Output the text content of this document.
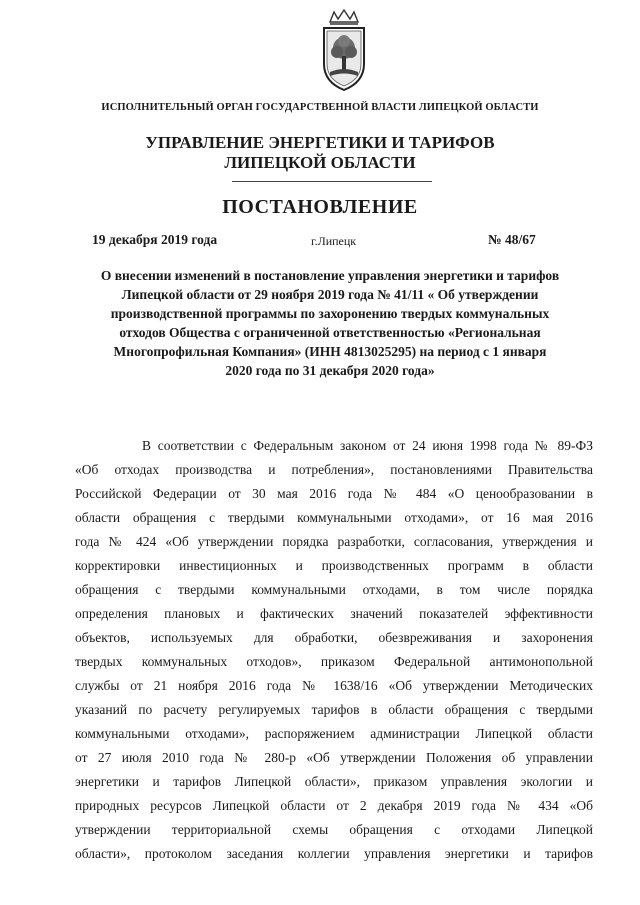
ИСПОЛНИТЕЛЬНЫЙ ОРГАН ГОСУДАРСТВЕННОЙ ВЛАСТИ ЛИПЕЦКОЙ ОБЛАСТИ
УПРАВЛЕНИЕ ЭНЕРГЕТИКИ И ТАРИФОВ
ЛИПЕЦКОЙ ОБЛАСТИ
ПОСТАНОВЛЕНИЕ
19 декабря 2019 года	г.Липецк	№ 48/67
О внесении изменений в постановление управления энергетики и тарифов
Липецкой области от 29 ноября 2019 года № 41/11 « Об утверждении
производственной программы по захоронению твердых коммунальных
отходов Общества с ограниченной ответственностью «Региональная
Многопрофильная Компания» (ИНН 4813025295) на период с 1 января
2020 года по 31 декабря 2020 года»
В соответствии с Федеральным законом от 24 июня 1998 года № 89-ФЗ
«Об отходах производства и потребления», постановлениями Правительства
Российской Федерации от 30 мая 2016 года № 484 «О ценообразовании в
области обращения с твердыми коммунальными отходами», от 16 мая 2016
года № 424 «Об утверждении порядка разработки, согласования, утверждения и
корректировки инвестиционных и производственных программ в области
обращения с твердыми коммунальными отходами, в том числе порядка
определения плановых и фактических значений показателей эффективности
объектов, используемых для обработки, обезвреживания и захоронения
твердых коммунальных отходов», приказом Федеральной антимонопольной
службы от 21 ноября 2016 года № 1638/16 «Об утверждении Методических
указаний по расчету регулируемых тарифов в области обращения с твердыми
коммунальными отходами», распоряжением администрации Липецкой области
от 27 июля 2010 года № 280-р «Об утверждении Положения об управлении
энергетики и тарифов Липецкой области», приказом управления экологии и
природных ресурсов Липецкой области от 2 декабря 2019 года № 434 «Об
утверждении территориальной схемы обращения с отходами Липецкой
области», протоколом заседания коллегии управления энергетики и тарифов
